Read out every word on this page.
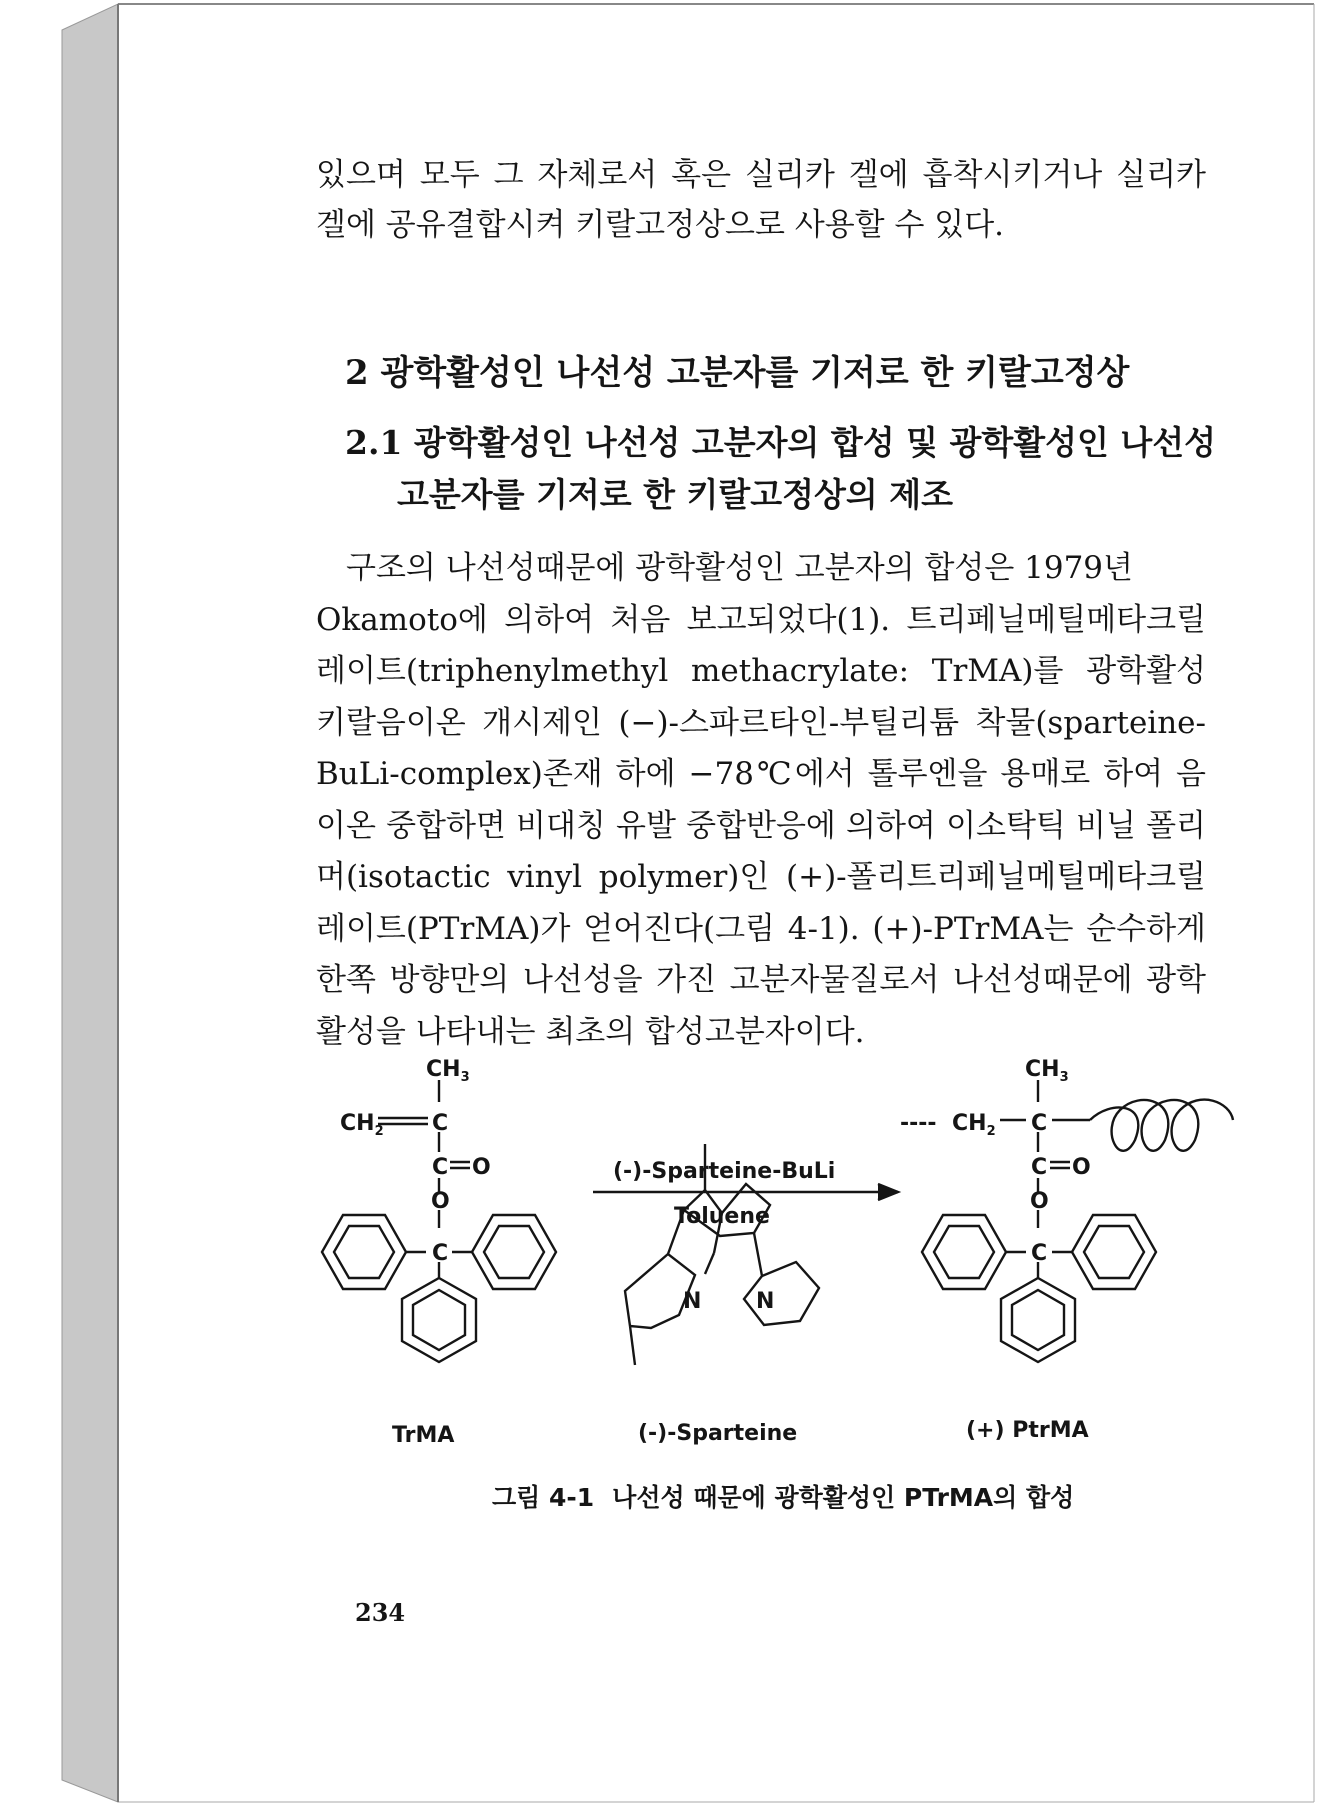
있으며 모두 그 자체로서 혹은 실리카 겔에 흡착시키거나 실리카 겔에 공유결합시켜 키랄고정상으로 사용할 수 있다.
2 광학활성인 나선성 고분자를 기저로 한 키랄고정상
2.1 광학활성인 나선성 고분자의 합성 및 광학활성인 나선성
고분자를 기저로 한 키랄고정상의 제조
구조의 나선성때문에 광학활성인 고분자의 합성은 1979년
Okamoto에 의하여 처음 보고되었다(1). 트리페닐메틸메타크릴레이트(triphenylmethyl methacrylate: TrMA)를 광학활성 키랄음이온 개시제인 (−)-스파르타인-부틸리튬 착물(sparteine-BuLi-complex)존재 하에 −78℃에서 톨루엔을 용매로 하여 음이온 중합하면 비대칭 유발 중합반응에 의하여 이소탁틱 비닐 폴리머(isotactic vinyl polymer)인 (+)-폴리트리페닐메틸메타크릴레이트(PTrMA)가 얻어진다(그림 4-1). (+)-PTrMA는 순수하게 한쪽 방향만의 나선성을 가진 고분자물질로서 나선성때문에 광학활성을 나타내는 최초의 합성고분자이다.
$CH_3$
$CH_2$ C
C O
O
C
(-)-Sparteine-BuLi
Toluene
N N
$CH_3$
---- $CH_2$ C
C O
O
C
TrMA	(-)-Sparteine	(+) PtrMA
그림 4-1 나선성 때문에 광학활성인 PTrMA의 합성
234
